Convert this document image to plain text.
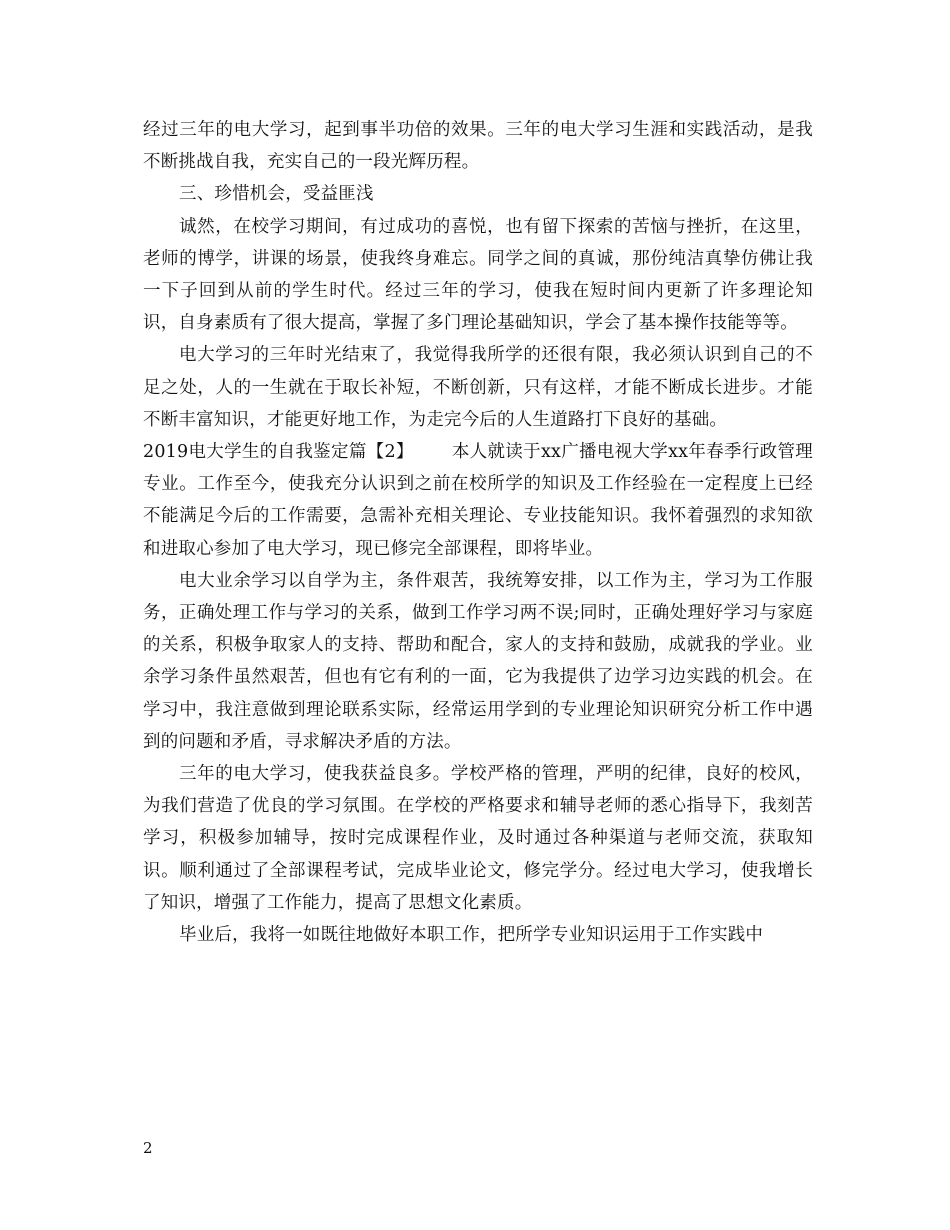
经过三年的电大学习，起到事半功倍的效果。三年的电大学习生涯和实践活动，是我不断挑战自我，充实自己的一段光辉历程。

三、珍惜机会，受益匪浅

诚然，在校学习期间，有过成功的喜悦，也有留下探索的苦恼与挫折，在这里，老师的博学，讲课的场景，使我终身难忘。同学之间的真诚，那份纯洁真挚仿佛让我一下子回到从前的学生时代。经过三年的学习，使我在短时间内更新了许多理论知识，自身素质有了很大提高，掌握了多门理论基础知识，学会了基本操作技能等等。

电大学习的三年时光结束了，我觉得我所学的还很有限，我必须认识到自己的不足之处，人的一生就在于取长补短，不断创新，只有这样，才能不断成长进步。才能不断丰富知识，才能更好地工作，为走完今后的人生道路打下良好的基础。

2019电大学生的自我鉴定篇【2】 本人就读于xx广播电视大学xx年春季行政管理专业。工作至今，使我充分认识到之前在校所学的知识及工作经验在一定程度上已经不能满足今后的工作需要，急需补充相关理论、专业技能知识。我怀着强烈的求知欲和进取心参加了电大学习，现已修完全部课程，即将毕业。

电大业余学习以自学为主，条件艰苦，我统筹安排，以工作为主，学习为工作服务，正确处理工作与学习的关系，做到工作学习两不误;同时，正确处理好学习与家庭的关系，积极争取家人的支持、帮助和配合，家人的支持和鼓励，成就我的学业。业余学习条件虽然艰苦，但也有它有利的一面，它为我提供了边学习边实践的机会。在学习中，我注意做到理论联系实际，经常运用学到的专业理论知识研究分析工作中遇到的问题和矛盾，寻求解决矛盾的方法。

三年的电大学习，使我获益良多。学校严格的管理，严明的纪律，良好的校风，为我们营造了优良的学习氛围。在学校的严格要求和辅导老师的悉心指导下，我刻苦学习，积极参加辅导，按时完成课程作业，及时通过各种渠道与老师交流，获取知识。顺利通过了全部课程考试，完成毕业论文，修完学分。经过电大学习，使我增长了知识，增强了工作能力，提高了思想文化素质。

毕业后，我将一如既往地做好本职工作，把所学专业知识运用于工作实践中

2
